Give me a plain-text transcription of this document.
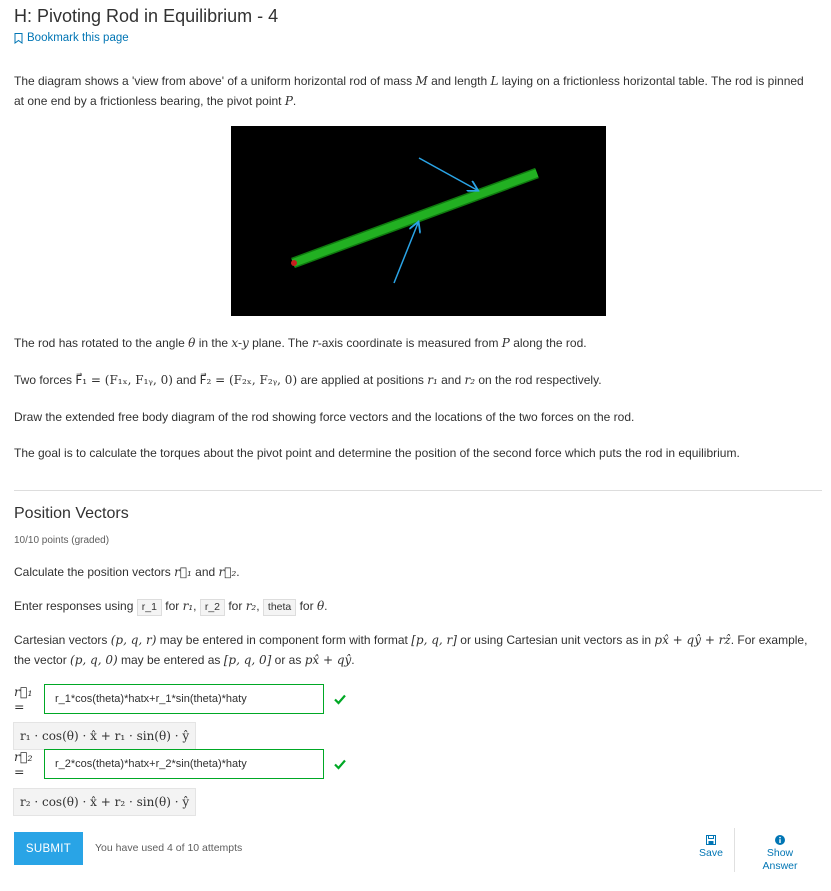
H: Pivoting Rod in Equilibrium - 4
Bookmark this page
The diagram shows a 'view from above' of a uniform horizontal rod of mass M and length L laying on a frictionless horizontal table. The rod is pinned at one end by a frictionless bearing, the pivot point P.
The rod has rotated to the angle θ in the x-y plane. The r-axis coordinate is measured from P along the rod.
Two forces F⃗₁ = (F₁ₓ, F₁ᵧ, 0) and F⃗₂ = (F₂ₓ, F₂ᵧ, 0) are applied at positions r₁ and r₂ on the rod respectively.
Draw the extended free body diagram of the rod showing force vectors and the locations of the two forces on the rod.
The goal is to calculate the torques about the pivot point and determine the position of the second force which puts the rod in equilibrium.
Position Vectors
10/10 points (graded)
Calculate the position vectors r⃗₁ and r⃗₂.
Enter responses using r_1 for r₁, r_2 for r₂, theta for θ.
Cartesian vectors (p, q, r) may be entered in component form with format [p, q, r] or using Cartesian unit vectors as in px̂ + qŷ + rẑ. For example, the vector (p, q, 0) may be entered as [p, q, 0] or as px̂ + qŷ.
r⃗₁ =	r_1*cos(theta)*hatx+r_1*sin(theta)*haty
r₁ · cos(θ) · x̂ + r₁ · sin(θ) · ŷ
r⃗₂ =	r_2*cos(theta)*hatx+r_2*sin(theta)*haty
r₂ · cos(θ) · x̂ + r₂ · sin(θ) · ŷ
SUBMIT	You have used 4 of 10 attempts	Save	Show
Answer
